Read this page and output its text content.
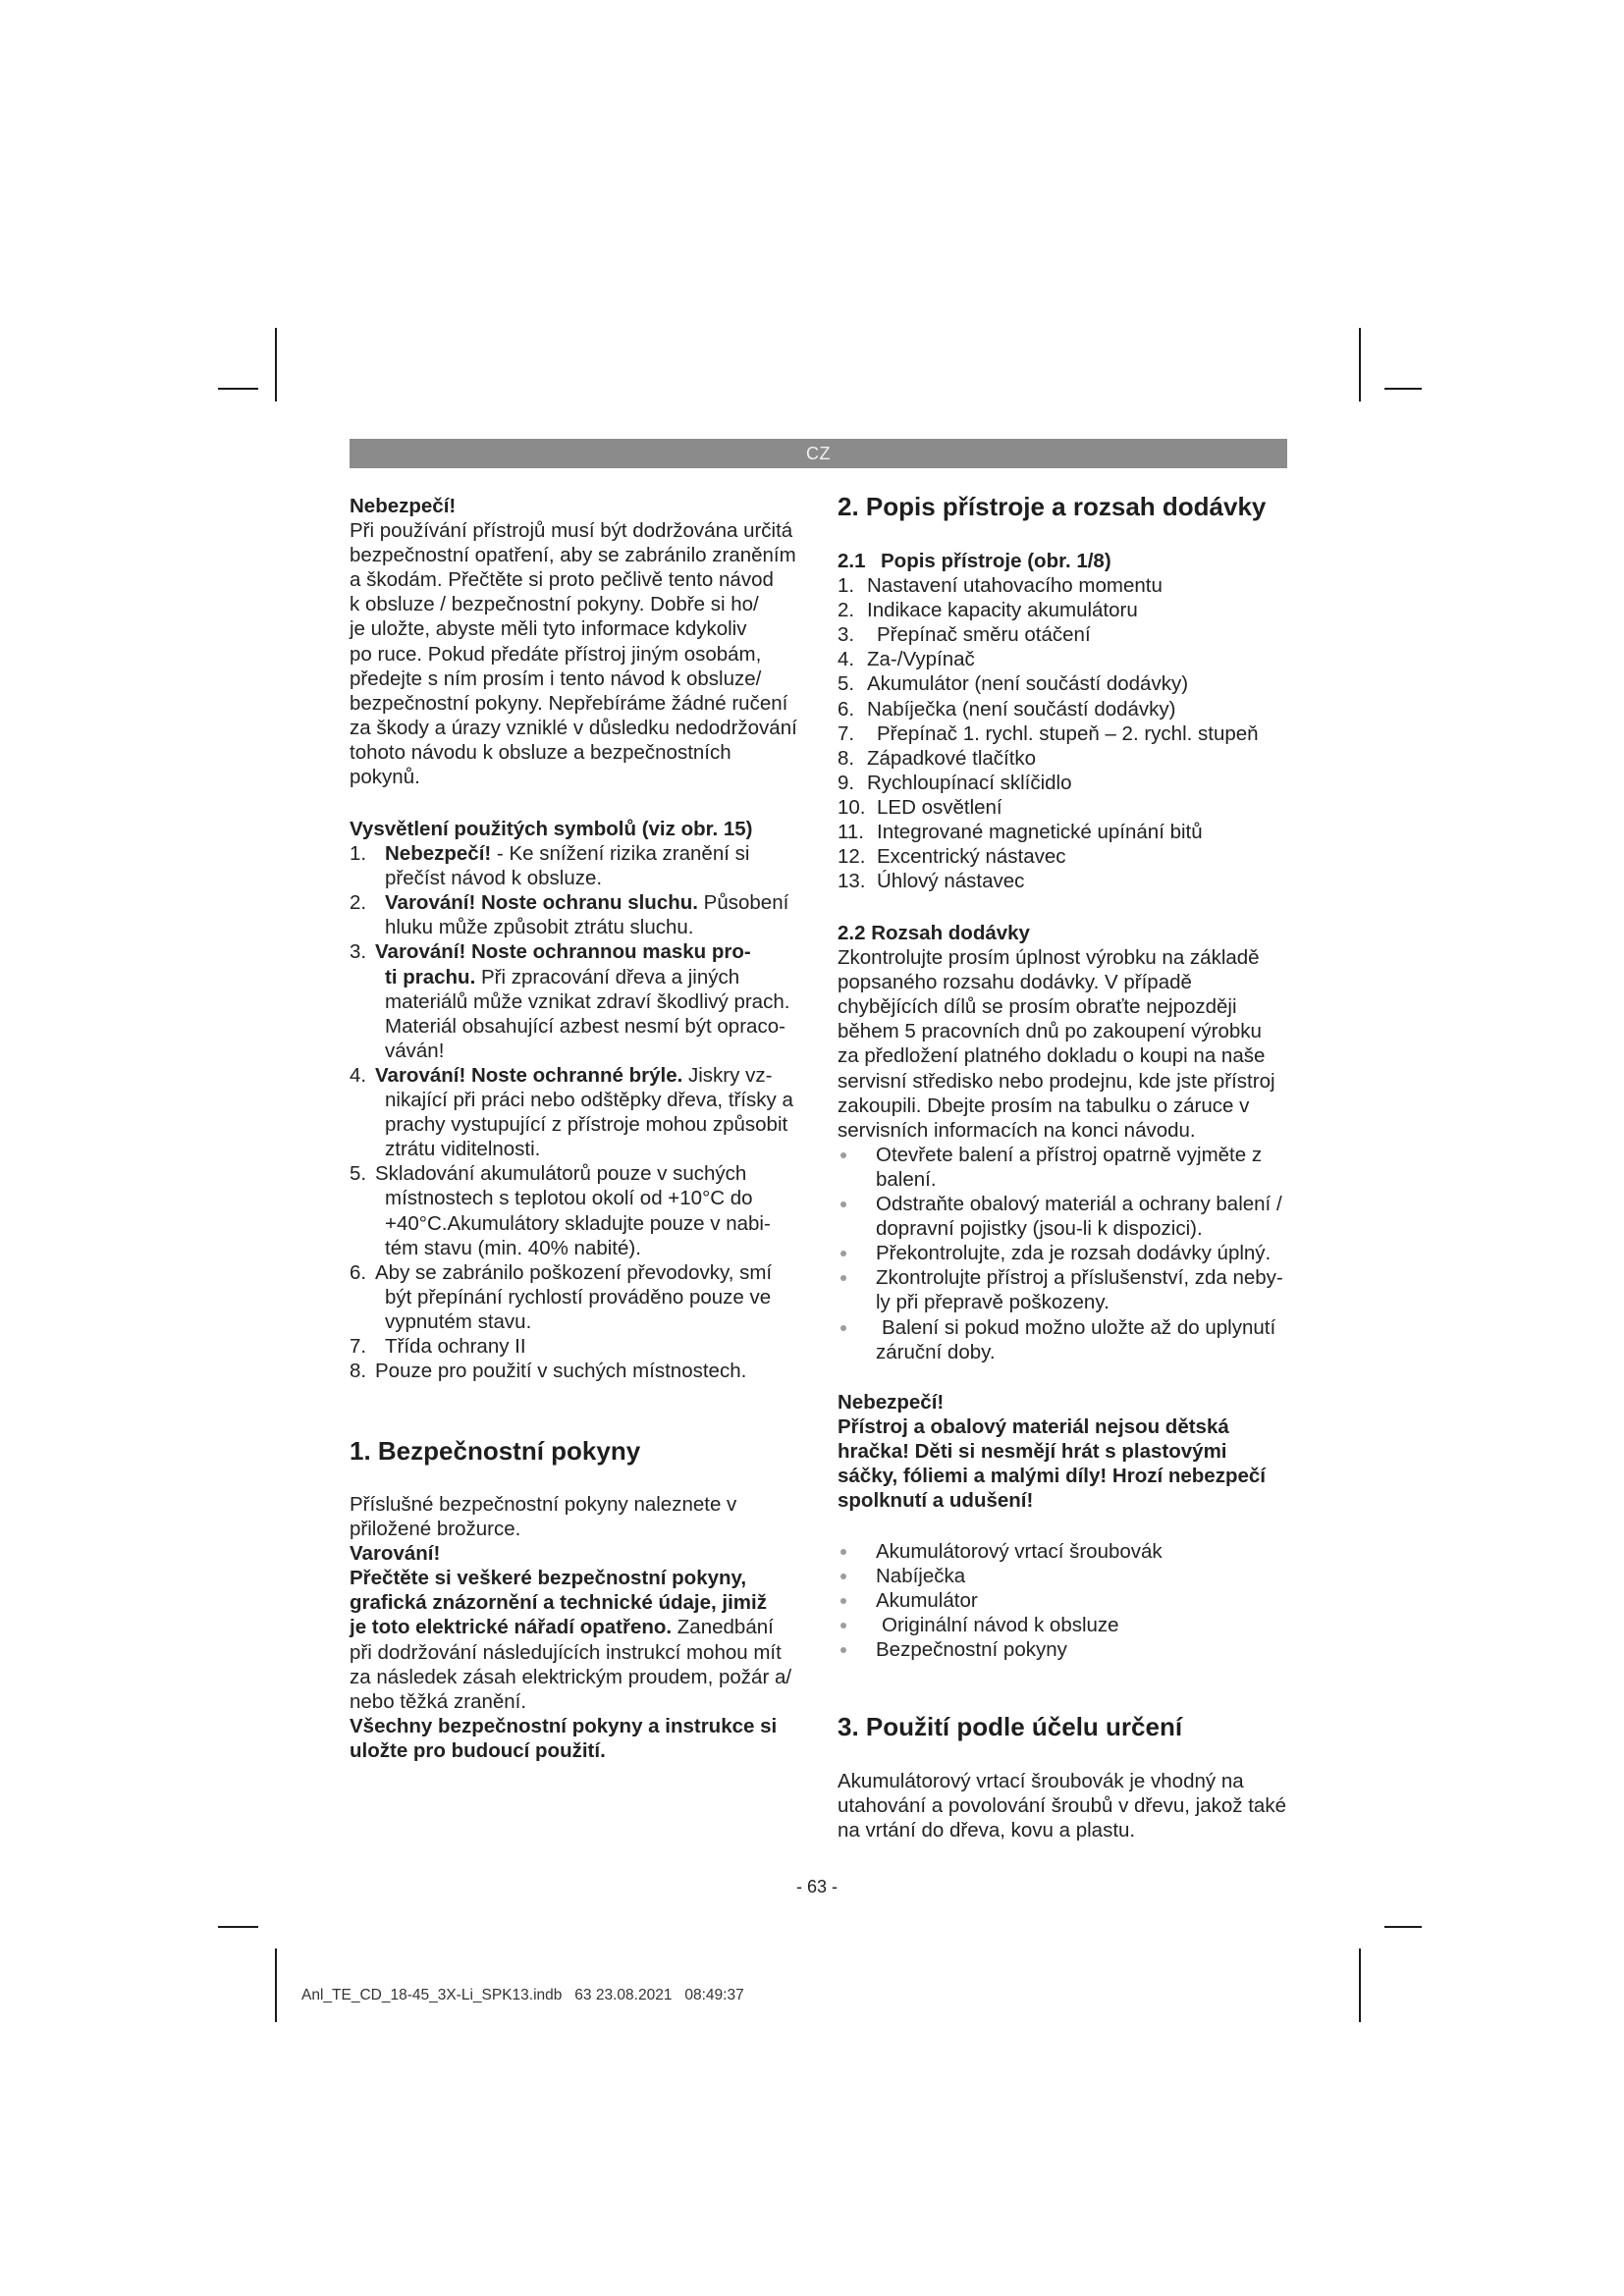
CZ
Nebezpečí!
Při používání přístrojů musí být dodržována určitá
bezpečnostní opatření, aby se zabránilo zraněním
a škodám. Přečtěte si proto pečlivě tento návod
k obsluze / bezpečnostní pokyny. Dobře si ho/
je uložte, abyste měli tyto informace kdykoliv
po ruce. Pokud předáte přístroj jiným osobám,
předejte s ním prosím i tento návod k obsluze/
bezpečnostní pokyny. Nepřebíráme žádné ručení
za škody a úrazy vzniklé v důsledku nedodržování
tohoto návodu k obsluze a bezpečnostních
pokynů.
Vysvětlení použitých symbolů (viz obr. 15)
1. Nebezpečí! - Ke snížení rizika zranění si
přečíst návod k obsluze.
2. Varování! Noste ochranu sluchu. Působení
hluku může způsobit ztrátu sluchu.
3. Varování! Noste ochrannou masku pro-
ti prachu. Při zpracování dřeva a jiných
materiálů může vznikat zdraví škodlivý prach.
Materiál obsahující azbest nesmí být opraco-
váván!
4. Varování! Noste ochranné brýle. Jiskry vz-
nikající při práci nebo odštěpky dřeva, třísky a
prachy vystupující z přístroje mohou způsobit
ztrátu viditelnosti.
5. Skladování akumulátorů pouze v suchých
místnostech s teplotou okolí od +10°C do
+40°C.Akumulátory skladujte pouze v nabi-
tém stavu (min. 40% nabité).
6. Aby se zabránilo poškození převodovky, smí
být přepínání rychlostí prováděno pouze ve
vypnutém stavu.
7. Třída ochrany II
8. Pouze pro použití v suchých místnostech.
1. Bezpečnostní pokyny
Příslušné bezpečnostní pokyny naleznete v
přiložené brožurce.
Varování!
Přečtěte si veškeré bezpečnostní pokyny,
grafická znázornění a technické údaje, jimiž
je toto elektrické nářadí opatřeno. Zanedbání
při dodržování následujících instrukcí mohou mít
za následek zásah elektrickým proudem, požár a/
nebo těžká zranění.
Všechny bezpečnostní pokyny a instrukce si
uložte pro budoucí použití.
2. Popis přístroje a rozsah dodávky
2.1 Popis přístroje (obr. 1/8)
1. Nastavení utahovacího momentu
2. Indikace kapacity akumulátoru
3. Přepínač směru otáčení
4. Za-/Vypínač
5. Akumulátor (není součástí dodávky)
6. Nabíječka (není součástí dodávky)
7. Přepínač 1. rychl. stupeň – 2. rychl. stupeň
8. Západkové tlačítko
9. Rychloupínací sklíčidlo
10. LED osvětlení
11. Integrované magnetické upínání bitů
12. Excentrický nástavec
13. Úhlový nástavec
2.2 Rozsah dodávky
Zkontrolujte prosím úplnost výrobku na základě
popsaného rozsahu dodávky. V případě
chybějících dílů se prosím obraťte nejpozději
během 5 pracovních dnů po zakoupení výrobku
za předložení platného dokladu o koupi na naše
servisní středisko nebo prodejnu, kde jste přístroj
zakoupili. Dbejte prosím na tabulku o záruce v
servisních informacích na konci návodu.
Otevřete balení a přístroj opatrně vyjměte z
balení.
Odstraňte obalový materiál a ochrany balení /
dopravní pojistky (jsou-li k dispozici).
Překontrolujte, zda je rozsah dodávky úplný.
Zkontrolujte přístroj a příslušenství, zda neby-
ly při přepravě poškozeny.
Balení si pokud možno uložte až do uplynutí
záruční doby.
Nebezpečí!
Přístroj a obalový materiál nejsou dětská
hračka! Děti si nesmějí hrát s plastovými
sáčky, fóliemi a malými díly! Hrozí nebezpečí
spolknutí a udušení!
Akumulátorový vrtací šroubovák
Nabíječka
Akumulátor
Originální návod k obsluze
Bezpečnostní pokyny
3. Použití podle účelu určení
Akumulátorový vrtací šroubovák je vhodný na
utahování a povolování šroubů v dřevu, jakož také
na vrtání do dřeva, kovu a plastu.
- 63 -
Anl_TE_CD_18-45_3X-Li_SPK13.indb   63 23.08.2021   08:49:37
